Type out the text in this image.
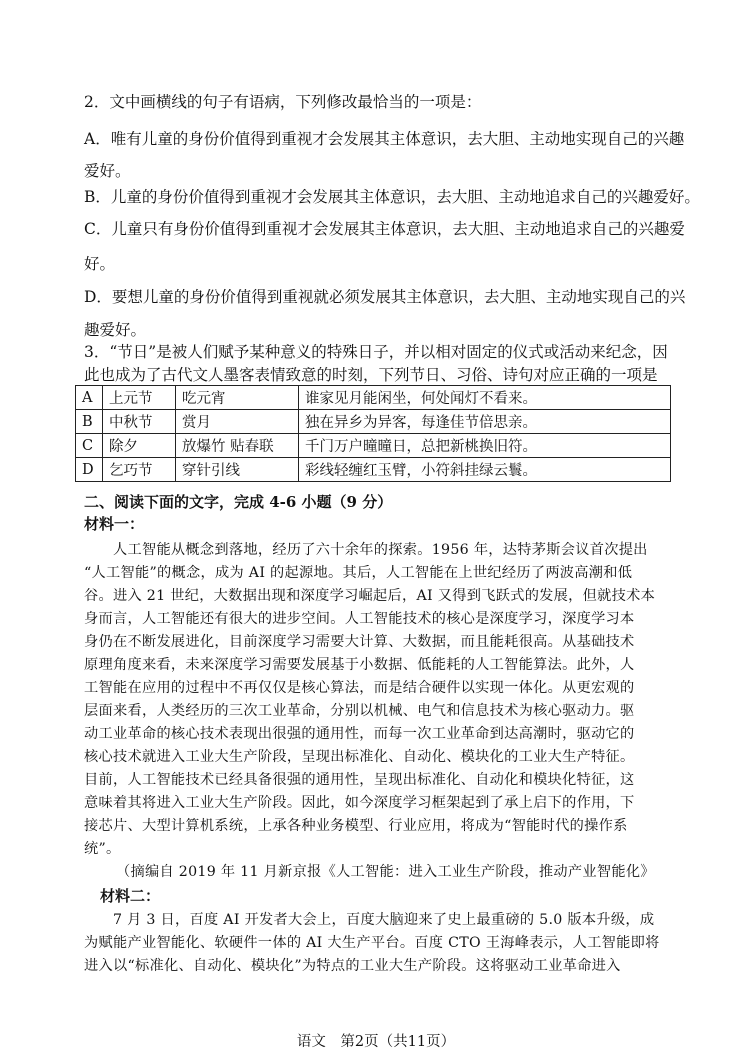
2．文中画横线的句子有语病，下列修改最恰当的一项是：
A．唯有儿童的身份价值得到重视才会发展其主体意识，去大胆、主动地实现自己的兴趣
爱好。
B．儿童的身份价值得到重视才会发展其主体意识，去大胆、主动地追求自己的兴趣爱好。
C．儿童只有身份价值得到重视才会发展其主体意识，去大胆、主动地追求自己的兴趣爱
好。
D．要想儿童的身份价值得到重视就必须发展其主体意识，去大胆、主动地实现自己的兴
趣爱好。
3．“节日”是被人们赋予某种意义的特殊日子，并以相对固定的仪式或活动来纪念，因
此也成为了古代文人墨客表情致意的时刻，下列节日、习俗、诗句对应正确的一项是
A	上元节	吃元宵	谁家见月能闲坐，何处闻灯不看来。
B	中秋节	赏月	独在异乡为异客，每逢佳节倍思亲。
C	除夕	放爆竹 贴春联	千门万户曈曈日，总把新桃换旧符。
D	乞巧节	穿针引线	彩线轻缠红玉臂，小符斜挂绿云鬟。
二、阅读下面的文字，完成 4-6 小题（9 分）
材料一：
　　人工智能从概念到落地，经历了六十余年的探索。1956 年，达特茅斯会议首次提出
“人工智能”的概念，成为 AI 的起源地。其后，人工智能在上世纪经历了两波高潮和低
谷。进入 21 世纪，大数据出现和深度学习崛起后，AI 又得到飞跃式的发展，但就技术本
身而言，人工智能还有很大的进步空间。人工智能技术的核心是深度学习，深度学习本
身仍在不断发展进化，目前深度学习需要大计算、大数据，而且能耗很高。从基础技术
原理角度来看，未来深度学习需要发展基于小数据、低能耗的人工智能算法。此外，人
工智能在应用的过程中不再仅仅是核心算法，而是结合硬件以实现一体化。从更宏观的
层面来看，人类经历的三次工业革命，分别以机械、电气和信息技术为核心驱动力。驱
动工业革命的核心技术表现出很强的通用性，而每一次工业革命到达高潮时，驱动它的
核心技术就进入工业大生产阶段，呈现出标准化、自动化、模块化的工业大生产特征。
目前，人工智能技术已经具备很强的通用性，呈现出标准化、自动化和模块化特征，这
意味着其将进入工业大生产阶段。因此，如今深度学习框架起到了承上启下的作用，下
接芯片、大型计算机系统，上承各种业务模型、行业应用，将成为“智能时代的操作系
统”。
（摘编自 2019 年 11 月新京报《人工智能：进入工业生产阶段，推动产业智能化》
材料二：
　　7 月 3 日，百度 AI 开发者大会上，百度大脑迎来了史上最重磅的 5.0 版本升级，成
为赋能产业智能化、软硬件一体的 AI 大生产平台。百度 CTO 王海峰表示，人工智能即将
进入以“标准化、自动化、模块化”为特点的工业大生产阶段。这将驱动工业革命进入
语文　第2页（共11页）
